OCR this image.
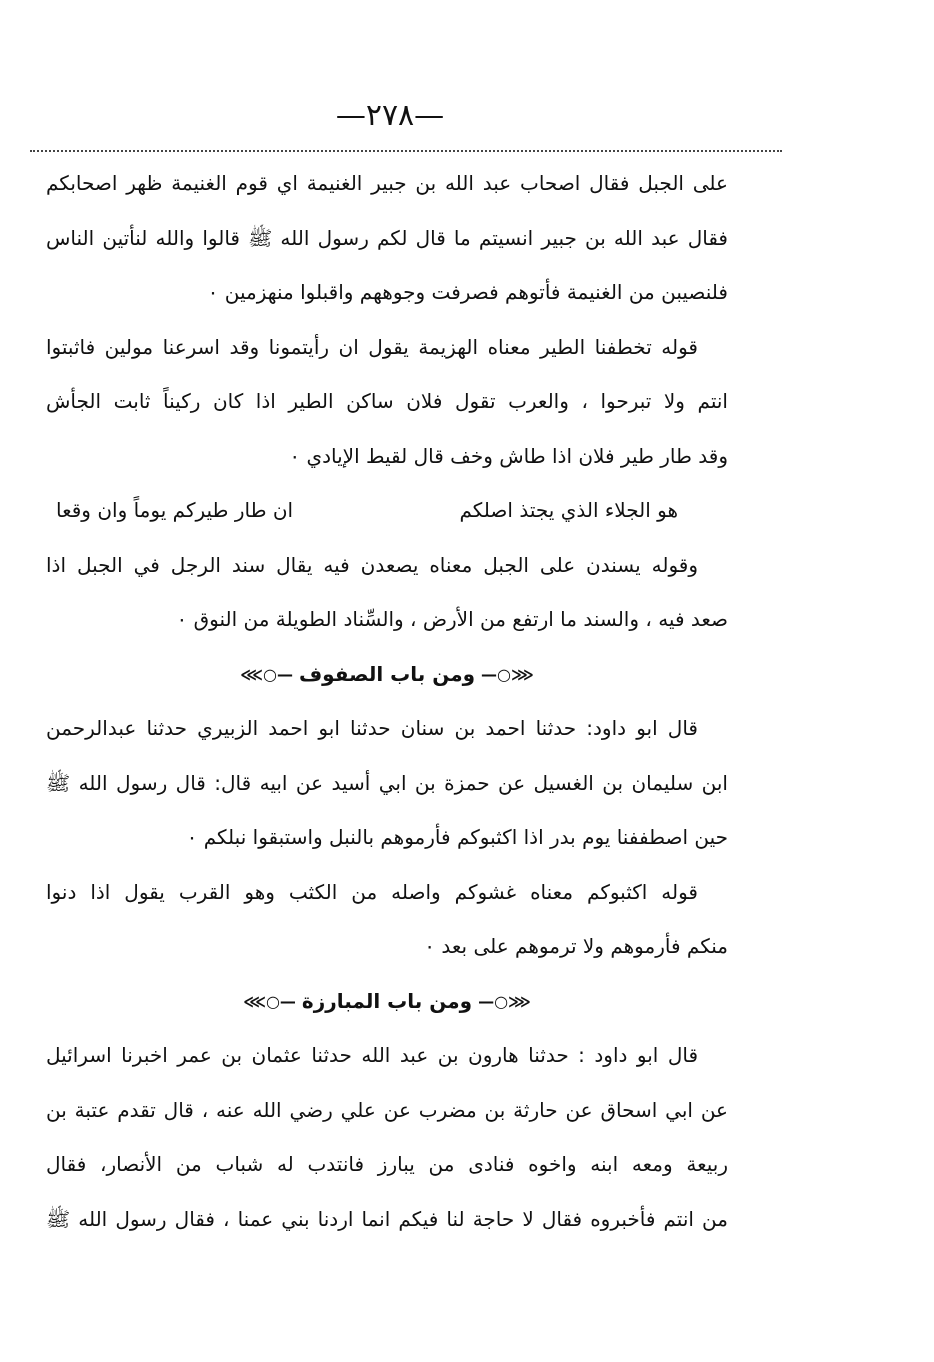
—٢٧٨—
على الجبل فقال اصحاب عبد الله بن جبير الغنيمة اي قوم الغنيمة ظهر اصحابكم
فقال عبد الله بن جبير انسيتم ما قال لكم رسول الله ﷺ قالوا والله لنأتين الناس
فلنصيبن من الغنيمة فأتوهم فصرفت وجوههم واقبلوا منهزمين ٠
قوله تخطفنا الطير معناه الهزيمة يقول ان رأيتمونا وقد اسرعنا مولين فاثبتوا
انتم ولا تبرحوا ، والعرب تقول فلان ساكن الطير اذا كان ركيناً ثابت الجأش
وقد طار طير فلان اذا طاش وخف قال لقيط الإيادي ٠
هو الجلاء الذي يجتذ اصلكم
ان طار طيركم يوماً وان وقعا
وقوله يسندن على الجبل معناه يصعدن فيه يقال سند الرجل في الجبل اذا
صعد فيه ، والسند ما ارتفع من الأرض ، والسِّناد الطويلة من النوق ٠
⋘○—ومن باب الصفوف—○⋙
قال ابو داود: حدثنا احمد بن سنان حدثنا ابو احمد الزبيري حدثنا عبدالرحمن
ابن سليمان بن الغسيل عن حمزة بن ابي أسيد عن ابيه قال: قال رسول الله ﷺ
حين اصطففنا يوم بدر اذا اكثبوكم فأرموهم بالنبل واستبقوا نبلكم ٠
قوله اكثبوكم معناه غشوكم واصله من الكثب وهو القرب يقول اذا دنوا
منكم فأرموهم ولا ترموهم على بعد ٠
⋘○—ومن باب المبارزة—○⋙
قال ابو داود : حدثنا هارون بن عبد الله حدثنا عثمان بن عمر اخبرنا اسرائيل
عن ابي اسحاق عن حارثة بن مضرب عن علي رضي الله عنه ، قال تقدم عتبة بن
ربيعة ومعه ابنه واخوه فنادى من يبارز فانتدب له شباب من الأنصار، فقال
من انتم فأخبروه فقال لا حاجة لنا فيكم انما اردنا بني عمنا ، فقال رسول الله ﷺ
